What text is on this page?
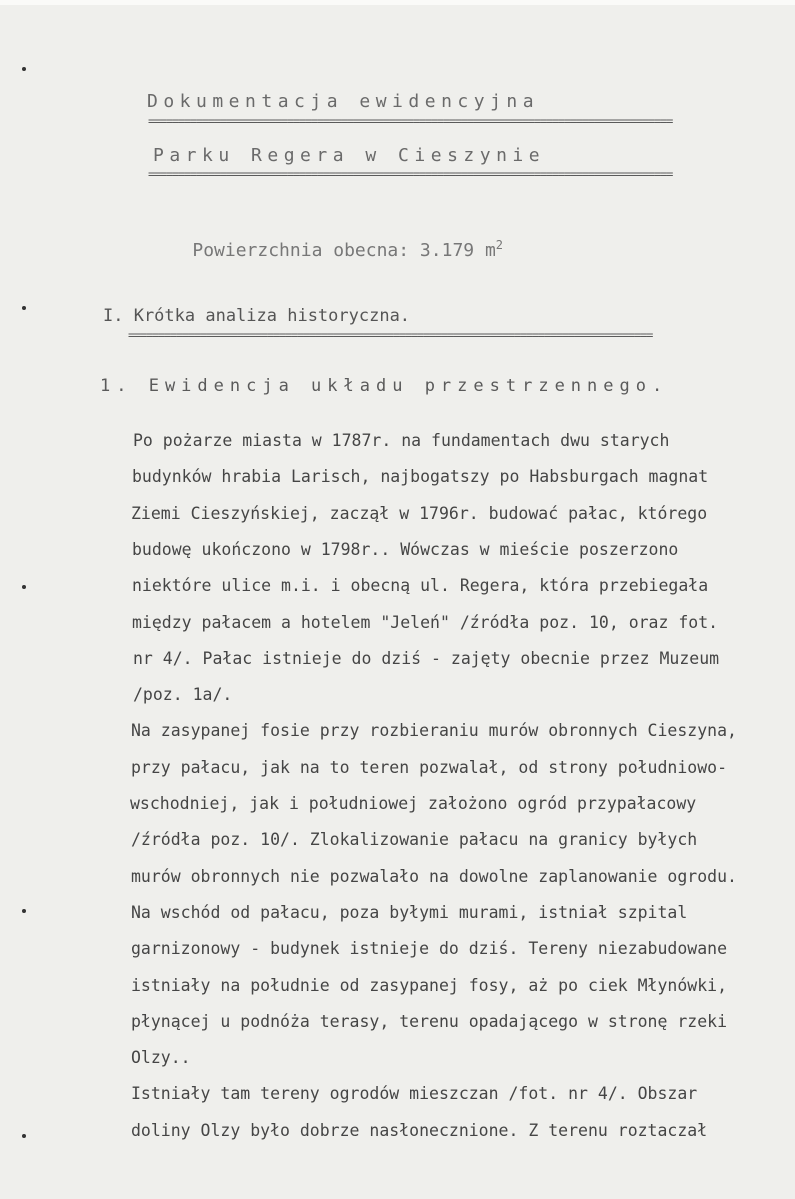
Dokumentacja ewidencyjna
=======================================================================================
Parku Regera w Cieszynie
=======================================================================================

Powierzchnia obecna: 3.179 $m^2$

I. Krótka analiza historyczna.
=======================================================================================
1. Ewidencja układu przestrzennego.
Po pożarze miasta w 1787r. na fundamentach dwu starych
budynków hrabia Larisch, najbogatszy po Habsburgach magnat
Ziemi Cieszyńskiej, zaczął w 1796r. budować pałac, którego
budowę ukończono w 1798r.. Wówczas w mieście poszerzono
niektóre ulice m.i. i obecną ul. Regera, która przebiegała
między pałacem a hotelem "Jeleń" /źródła poz. 10, oraz fot.
nr 4/. Pałac istnieje do dziś - zajęty obecnie przez Muzeum
/poz. 1a/.
Na zasypanej fosie przy rozbieraniu murów obronnych Cieszyna,
przy pałacu, jak na to teren pozwalał, od strony południowo-
wschodniej, jak i południowej założono ogród przypałacowy
/źródła poz. 10/. Zlokalizowanie pałacu na granicy byłych
murów obronnych nie pozwalało na dowolne zaplanowanie ogrodu.
Na wschód od pałacu, poza byłymi murami, istniał szpital
garnizonowy - budynek istnieje do dziś. Tereny niezabudowane
istniały na południe od zasypanej fosy, aż po ciek Młynówki,
płynącej u podnóża terasy, terenu opadającego w stronę rzeki
Olzy..
Istniały tam tereny ogrodów mieszczan /fot. nr 4/. Obszar
doliny Olzy było dobrze nasłonecznione. Z terenu roztaczał
